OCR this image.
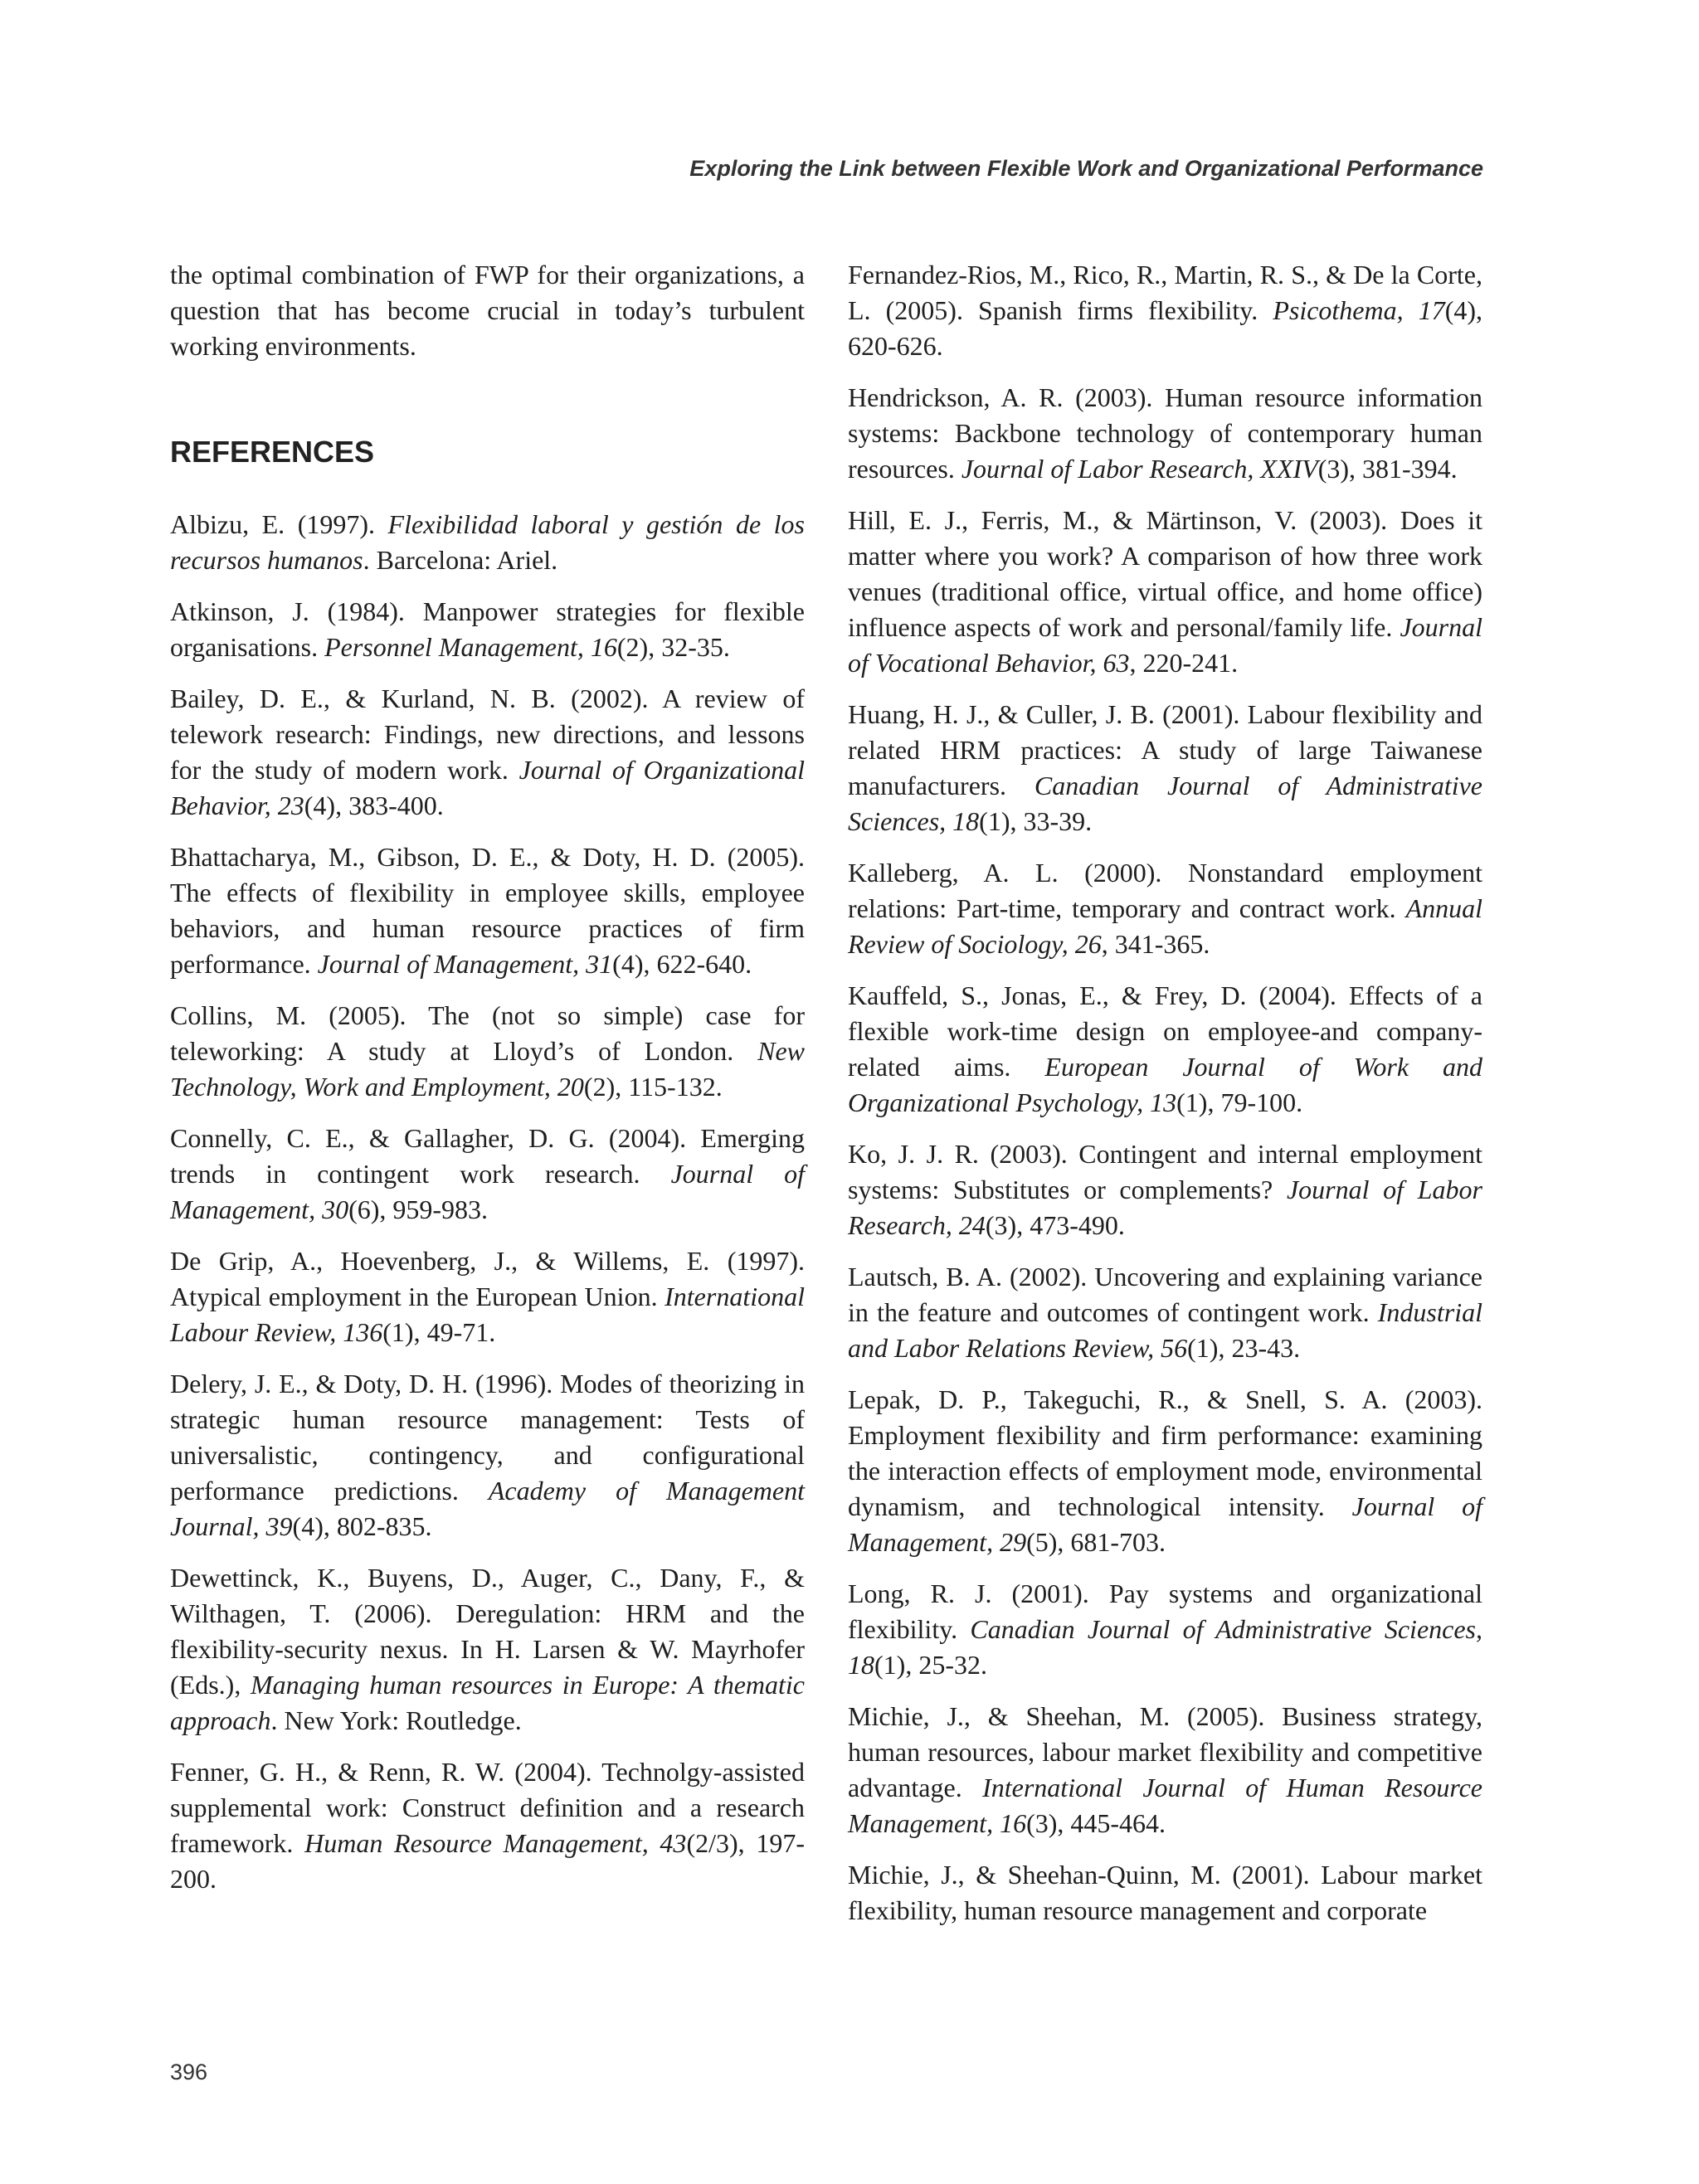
Exploring the Link between Flexible Work and Organizational Performance

the optimal combination of FWP for their organizations, a question that has become crucial in today’s turbulent working environments.

REFERENCES

Albizu, E. (1997). Flexibilidad laboral y gestión de los recursos humanos. Barcelona: Ariel.

Atkinson, J. (1984). Manpower strategies for flexible organisations. Personnel Management, 16(2), 32-35.

Bailey, D. E., & Kurland, N. B. (2002). A review of telework research: Findings, new directions, and lessons for the study of modern work. Journal of Organizational Behavior, 23(4), 383-400.

Bhattacharya, M., Gibson, D. E., & Doty, H. D. (2005). The effects of flexibility in employee skills, employee behaviors, and human resource practices of firm performance. Journal of Management, 31(4), 622-640.

Collins, M. (2005). The (not so simple) case for teleworking: A study at Lloyd’s of London. New Technology, Work and Employment, 20(2), 115-132.

Connelly, C. E., & Gallagher, D. G. (2004). Emerging trends in contingent work research. Journal of Management, 30(6), 959-983.

De Grip, A., Hoevenberg, J., & Willems, E. (1997). Atypical employment in the European Union. International Labour Review, 136(1), 49-71.

Delery, J. E., & Doty, D. H. (1996). Modes of theorizing in strategic human resource management: Tests of universalistic, contingency, and configurational performance predictions. Academy of Management Journal, 39(4), 802-835.

Dewettinck, K., Buyens, D., Auger, C., Dany, F., & Wilthagen, T. (2006). Deregulation: HRM and the flexibility-security nexus. In H. Larsen & W. Mayrhofer (Eds.), Managing human resources in Europe: A thematic approach. New York: Routledge.

Fenner, G. H., & Renn, R. W. (2004). Technolgy-assisted supplemental work: Construct definition and a research framework. Human Resource Management, 43(2/3), 197-200.

Fernandez-Rios, M., Rico, R., Martin, R. S., & De la Corte, L. (2005). Spanish firms flexibility. Psicothema, 17(4), 620-626.

Hendrickson, A. R. (2003). Human resource information systems: Backbone technology of contemporary human resources. Journal of Labor Research, XXIV(3), 381-394.

Hill, E. J., Ferris, M., & Märtinson, V. (2003). Does it matter where you work? A comparison of how three work venues (traditional office, virtual office, and home office) influence aspects of work and personal/family life. Journal of Vocational Behavior, 63, 220-241.

Huang, H. J., & Culler, J. B. (2001). Labour flexibility and related HRM practices: A study of large Taiwanese manufacturers. Canadian Journal of Administrative Sciences, 18(1), 33-39.

Kalleberg, A. L. (2000). Nonstandard employment relations: Part-time, temporary and contract work. Annual Review of Sociology, 26, 341-365.

Kauffeld, S., Jonas, E., & Frey, D. (2004). Effects of a flexible work-time design on employee-and company-related aims. European Journal of Work and Organizational Psychology, 13(1), 79-100.

Ko, J. J. R. (2003). Contingent and internal employment systems: Substitutes or complements? Journal of Labor Research, 24(3), 473-490.

Lautsch, B. A. (2002). Uncovering and explaining variance in the feature and outcomes of contingent work. Industrial and Labor Relations Review, 56(1), 23-43.

Lepak, D. P., Takeguchi, R., & Snell, S. A. (2003). Employment flexibility and firm performance: examining the interaction effects of employment mode, environmental dynamism, and technological intensity. Journal of Management, 29(5), 681-703.

Long, R. J. (2001). Pay systems and organizational flexibility. Canadian Journal of Administrative Sciences, 18(1), 25-32.

Michie, J., & Sheehan, M. (2005). Business strategy, human resources, labour market flexibility and competitive advantage. International Journal of Human Resource Management, 16(3), 445-464.

Michie, J., & Sheehan-Quinn, M. (2001). Labour market flexibility, human resource management and corporate

396
